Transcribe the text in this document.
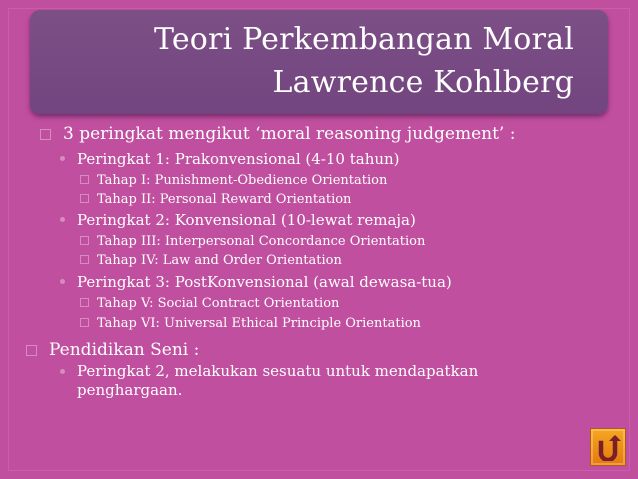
Teori Perkembangan Moral
Lawrence Kohlberg
3 peringkat mengikut ‘moral reasoning judgement’ :
Peringkat 1: Prakonvensional (4-10 tahun)
Tahap I: Punishment-Obedience Orientation
Tahap II: Personal Reward Orientation
Peringkat 2: Konvensional (10-lewat remaja)
Tahap III: Interpersonal Concordance Orientation
Tahap IV: Law and Order Orientation
Peringkat 3: PostKonvensional (awal dewasa-tua)
Tahap V: Social Contract Orientation
Tahap VI: Universal Ethical Principle Orientation
Pendidikan Seni :
Peringkat 2, melakukan sesuatu untuk mendapatkan penghargaan.
